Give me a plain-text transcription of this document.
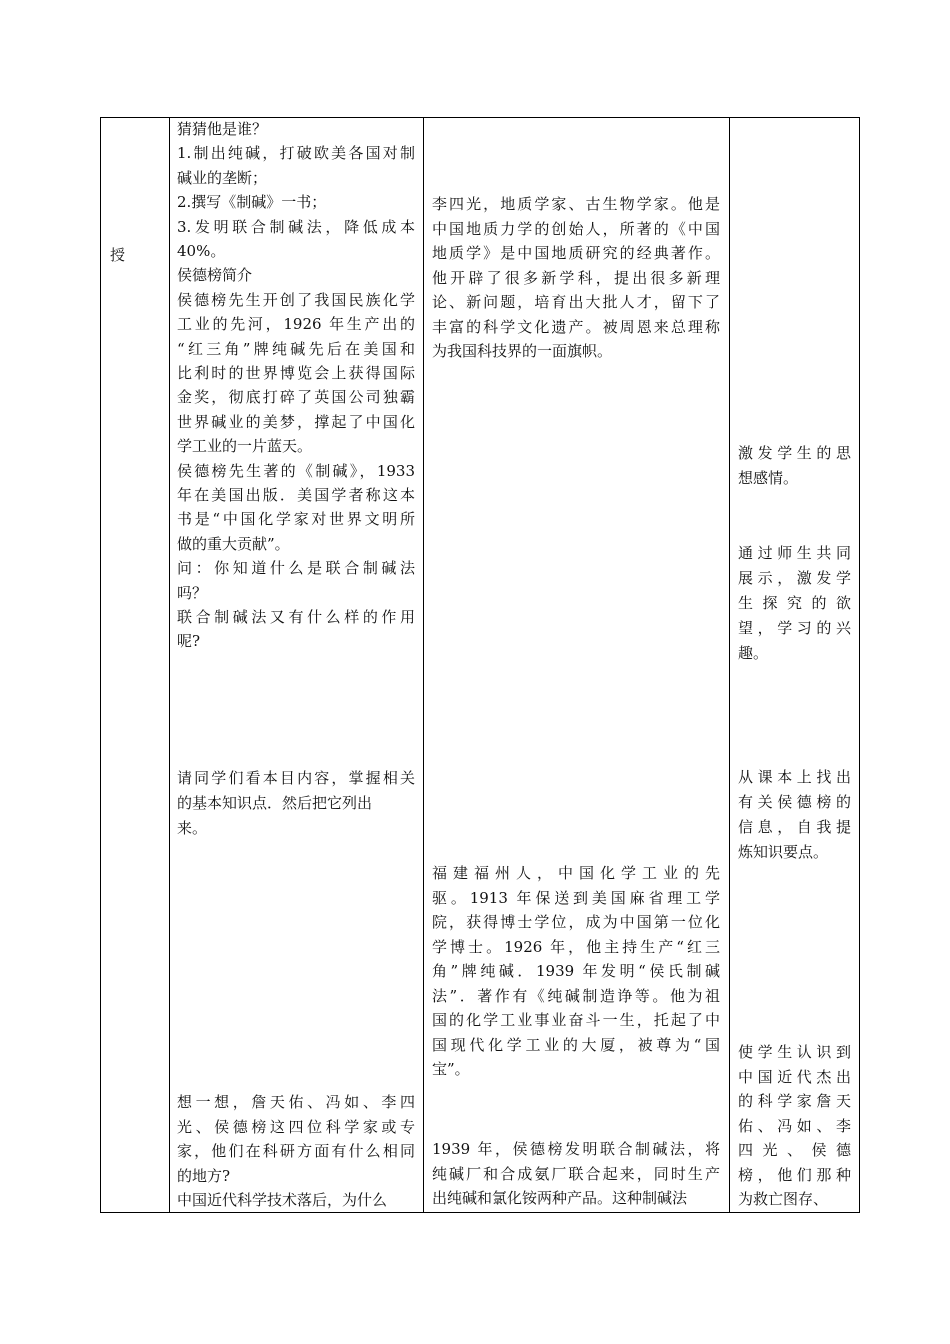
授
猜猜他是谁？
1.制出纯碱，打破欧美各国对制
碱业的垄断；
2.撰写《制碱》一书；
3.发明联合制碱法，降低成本
40%。
侯德榜简介
侯德榜先生开创了我国民族化学
工业的先河，1926 年生产出的
“红三角”牌纯碱先后在美国和
比利时的世界博览会上获得国际
金奖，彻底打碎了英国公司独霸
世界碱业的美梦，撑起了中国化
学工业的一片蓝天。
侯德榜先生著的《制碱》，1933
年在美国出版．美国学者称这本
书是“中国化学家对世界文明所
做的重大贡献”。
问：你知道什么是联合制碱法
吗？
联合制碱法又有什么样的作用
呢?
请同学们看本目内容，掌握相关
的基本知识点．然后把它列出
来。
想一想，詹天佑、冯如、李四
光、侯德榜这四位科学家或专
家，他们在科研方面有什么相同
的地方?
中国近代科学技术落后，为什么
李四光，地质学家、古生物学家。他是
中国地质力学的创始人，所著的《中国
地质学》是中国地质研究的经典著作。
他开辟了很多新学科，提出很多新理
论、新问题，培育出大批人才，留下了
丰富的科学文化遗产。被周恩来总理称
为我国科技界的一面旗帜。
福建福州人，中国化学工业的先
驱。1913 年保送到美国麻省理工学
院，获得博士学位，成为中国第一位化
学博士。1926 年，他主持生产“红三
角”牌纯碱．1939 年发明“侯氏制碱
法”．著作有《纯碱制造诤等。他为祖
国的化学工业事业奋斗一生，托起了中
国现代化学工业的大厦，被尊为“国
宝”。
1939 年，侯德榜发明联合制碱法，将
纯碱厂和合成氨厂联合起来，同时生产
出纯碱和氯化铵两种产品。这种制碱法
激发学生的思
想感情。
通过师生共同
展示，激发学
生探究的欲
望，学习的兴
趣。
从课本上找出
有关侯德榜的
信息，自我提
炼知识要点。
使学生认识到
中国近代杰出
的科学家詹天
佑、冯如、李
四光、侯德
榜，他们那种
为救亡图存、
